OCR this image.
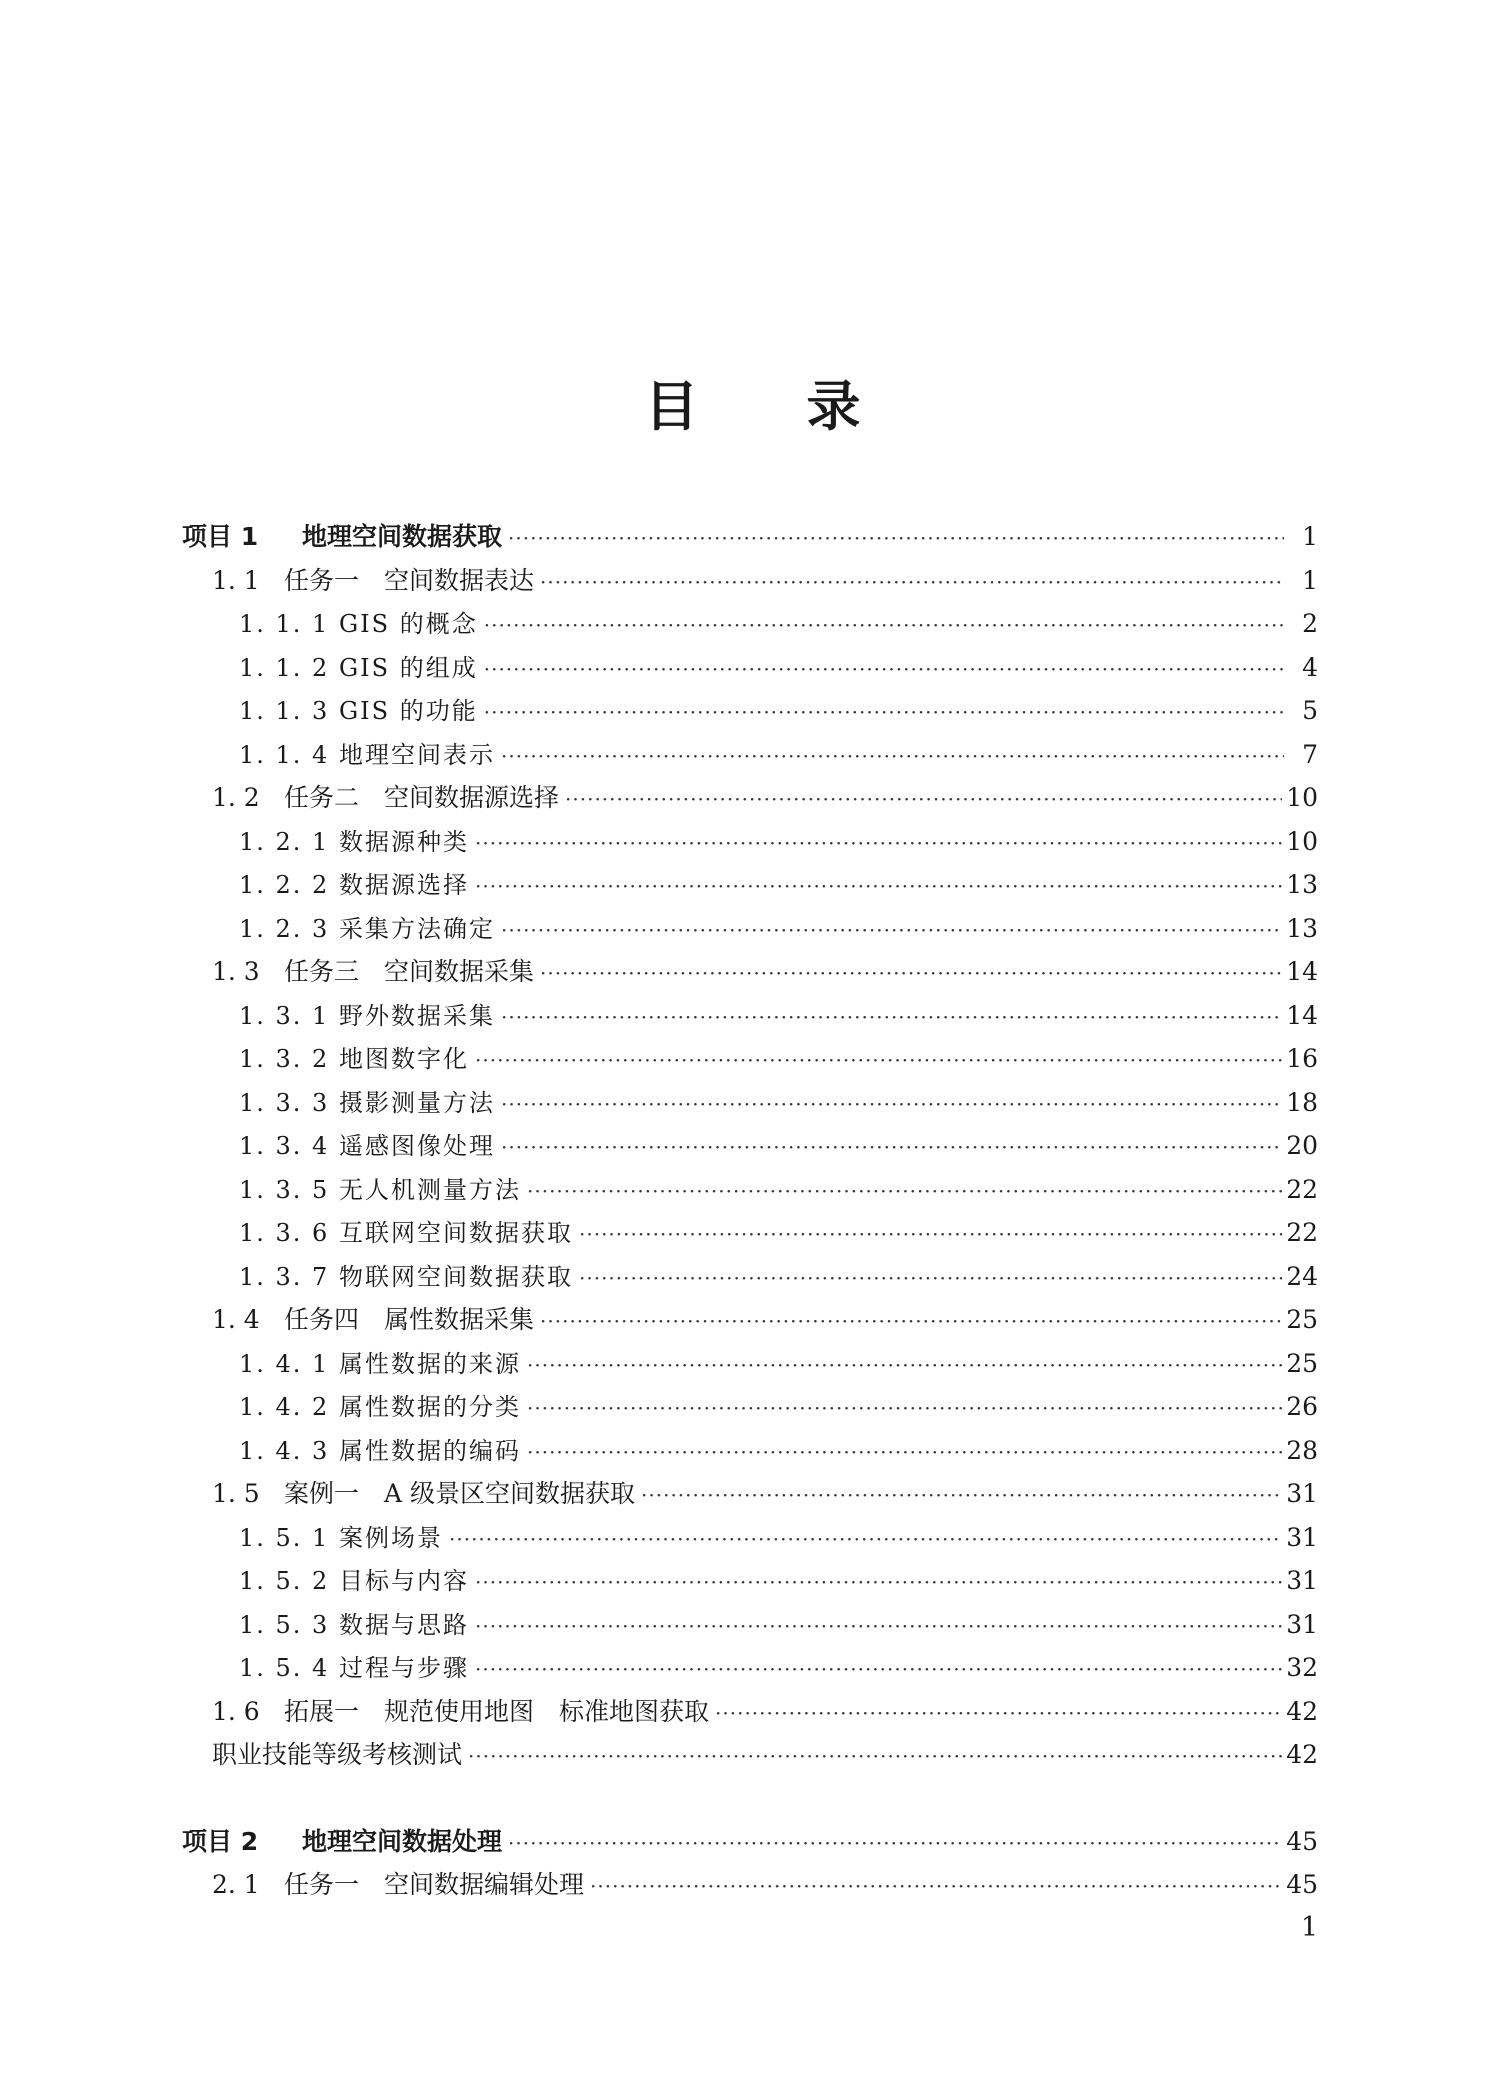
目录
项目 1	地理空间数据获取 ·····	1
1. 1 任务一　空间数据表达 ·····	1
1. 1. 1 GIS 的概念 ·····	2
1. 1. 2 GIS 的组成 ·····	4
1. 1. 3 GIS 的功能 ·····	5
1. 1. 4 地理空间表示 ·····	7
1. 2 任务二　空间数据源选择 ·····	10
1. 2. 1 数据源种类 ·····	10
1. 2. 2 数据源选择 ·····	13
1. 2. 3 采集方法确定 ·····	13
1. 3 任务三　空间数据采集 ·····	14
1. 3. 1 野外数据采集 ·····	14
1. 3. 2 地图数字化 ·····	16
1. 3. 3 摄影测量方法 ·····	18
1. 3. 4 遥感图像处理 ·····	20
1. 3. 5 无人机测量方法 ·····	22
1. 3. 6 互联网空间数据获取 ·····	22
1. 3. 7 物联网空间数据获取 ·····	24
1. 4 任务四　属性数据采集 ·····	25
1. 4. 1 属性数据的来源 ·····	25
1. 4. 2 属性数据的分类 ·····	26
1. 4. 3 属性数据的编码 ·····	28
1. 5 案例一　A 级景区空间数据获取 ·····	31
1. 5. 1 案例场景 ·····	31
1. 5. 2 目标与内容 ·····	31
1. 5. 3 数据与思路 ·····	31
1. 5. 4 过程与步骤 ·····	32
1. 6 拓展一　规范使用地图　标准地图获取 ·····	42
职业技能等级考核测试 ·····	42
项目 2	地理空间数据处理 ·····	45
2. 1 任务一　空间数据编辑处理 ·····	45
1
